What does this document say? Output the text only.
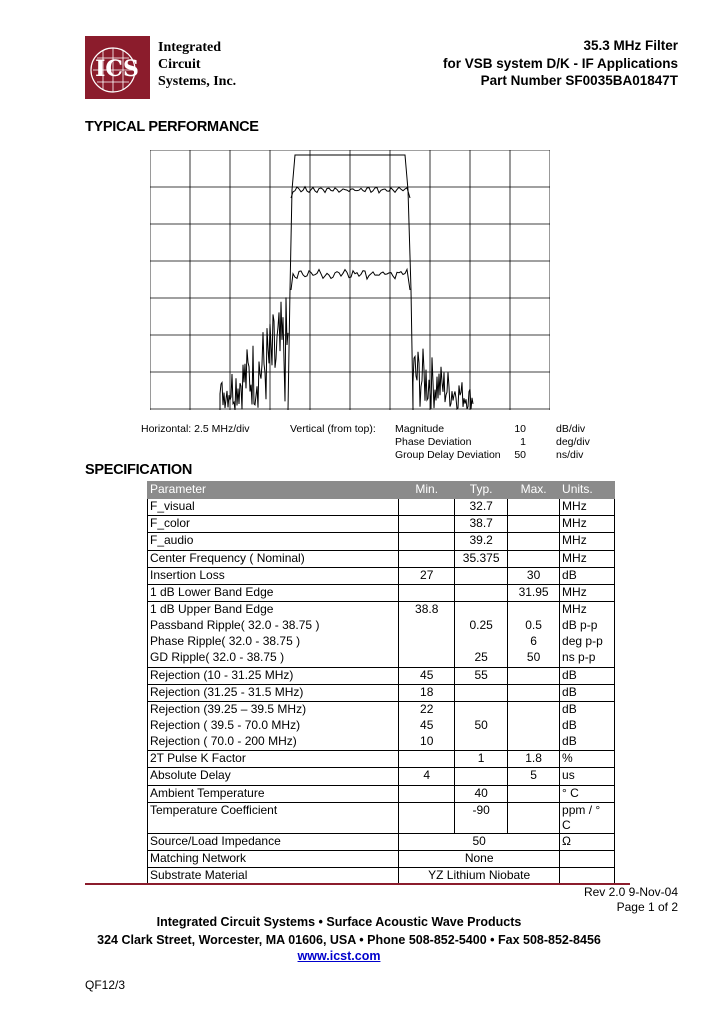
ICS
Integrated
Circuit
Systems, Inc.
35.3 MHz Filter
for VSB system D/K - IF Applications
Part Number SF0035BA01847T
TYPICAL PERFORMANCE
Horizontal: 2.5 MHz/div	Vertical (from top): Magnitude	10	dB/div
Phase Deviation	1	deg/div
Group Delay Deviation	50	ns/div
SPECIFICATION
Parameter	Min.	Typ.	Max.	Units.
F_visual		32.7		MHz
F_color		38.7		MHz
F_audio		39.2		MHz
Center Frequency ( Nominal)		35.375		MHz
Insertion Loss	27		30	dB
1 dB Lower Band Edge			31.95	MHz
1 dB Upper Band Edge	38.8			MHz
Passband Ripple( 32.0 - 38.75 )		0.25	0.5	dB p-p
Phase Ripple( 32.0 - 38.75 )			6	deg p-p
GD Ripple( 32.0 - 38.75 )		25	50	ns p-p
Rejection (10 - 31.25 MHz)	45	55		dB
Rejection (31.25 - 31.5 MHz)	18			dB
Rejection (39.25 – 39.5 MHz)	22			dB
Rejection ( 39.5 - 70.0 MHz)	45	50		dB
Rejection ( 70.0 - 200 MHz)	10			dB
2T Pulse K Factor		1	1.8	%
Absolute Delay	4		5	us
Ambient Temperature		40		° C
Temperature Coefficient		-90		ppm / ° C
Source/Load Impedance	50			Ω
Matching Network	None			
Substrate Material	YZ Lithium Niobate			
Rev 2.0 9-Nov-04
Page 1 of 2
Integrated Circuit Systems • Surface Acoustic Wave Products
324 Clark Street, Worcester, MA 01606, USA • Phone 508-852-5400 • Fax 508-852-8456
www.icst.com
QF12/3
